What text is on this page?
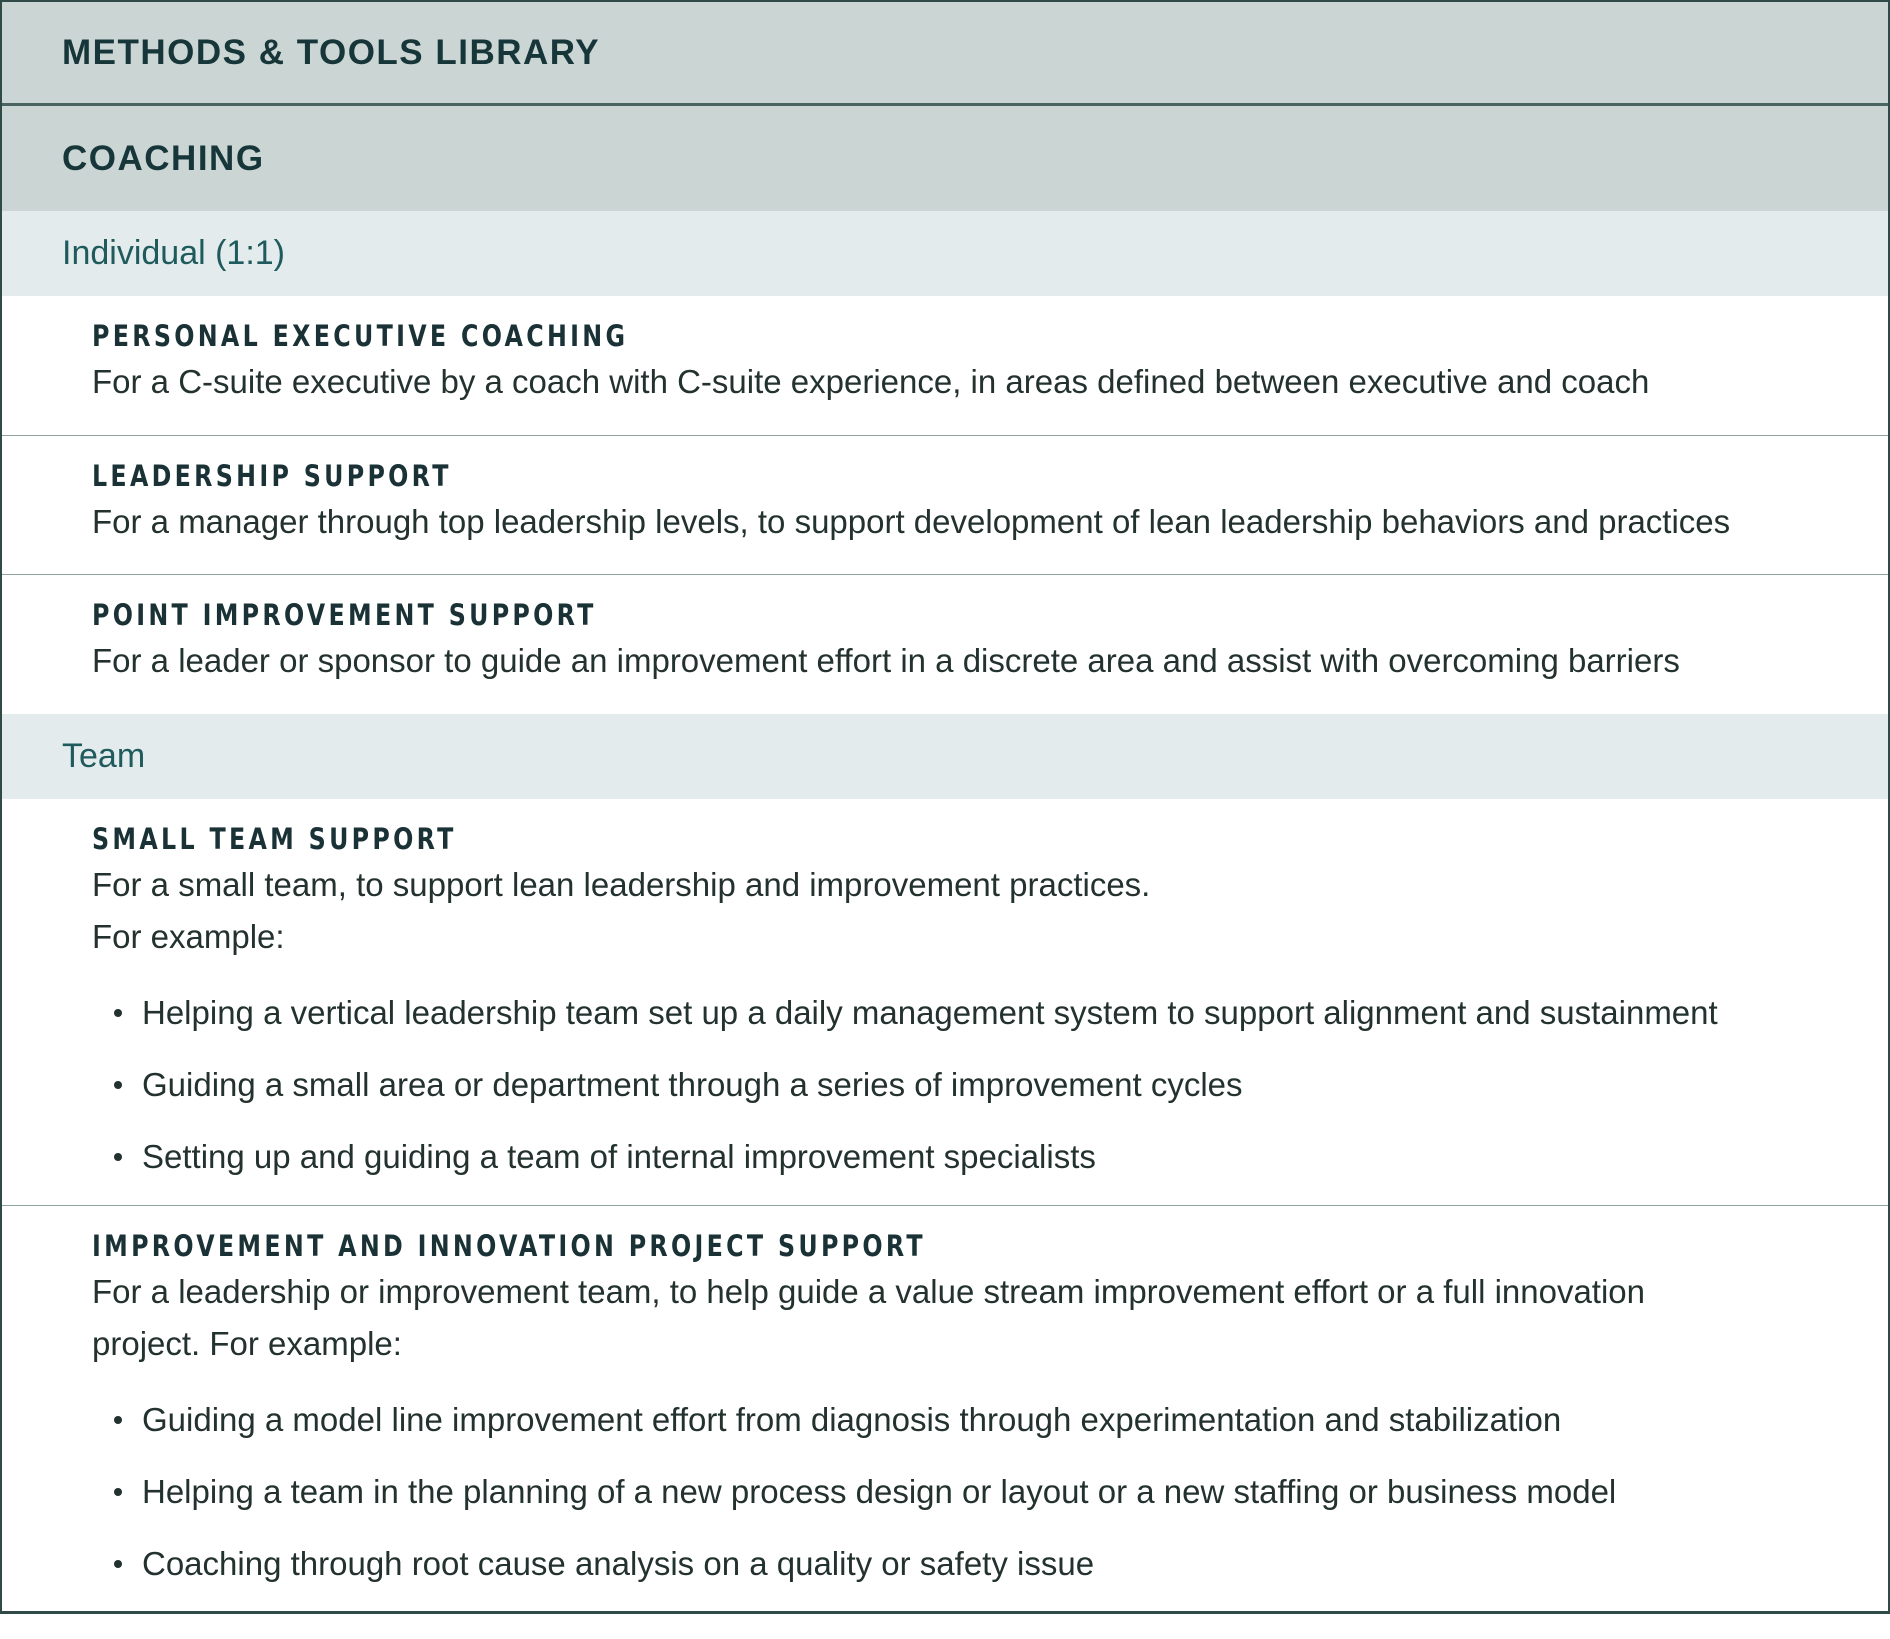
METHODS & TOOLS LIBRARY
COACHING
Individual (1:1)
PERSONAL EXECUTIVE COACHING
For a C-suite executive by a coach with C-suite experience, in areas defined between executive and coach
LEADERSHIP SUPPORT
For a manager through top leadership levels, to support development of lean leadership behaviors and practices
POINT IMPROVEMENT SUPPORT
For a leader or sponsor to guide an improvement effort in a discrete area and assist with overcoming barriers
Team
SMALL TEAM SUPPORT
For a small team, to support lean leadership and improvement practices.
For example:
Helping a vertical leadership team set up a daily management system to support alignment and sustainment
Guiding a small area or department through a series of improvement cycles
Setting up and guiding a team of internal improvement specialists
IMPROVEMENT AND INNOVATION PROJECT SUPPORT
For a leadership or improvement team, to help guide a value stream improvement effort or a full innovation
project. For example:
Guiding a model line improvement effort from diagnosis through experimentation and stabilization
Helping a team in the planning of a new process design or layout or a new staffing or business model
Coaching through root cause analysis on a quality or safety issue
